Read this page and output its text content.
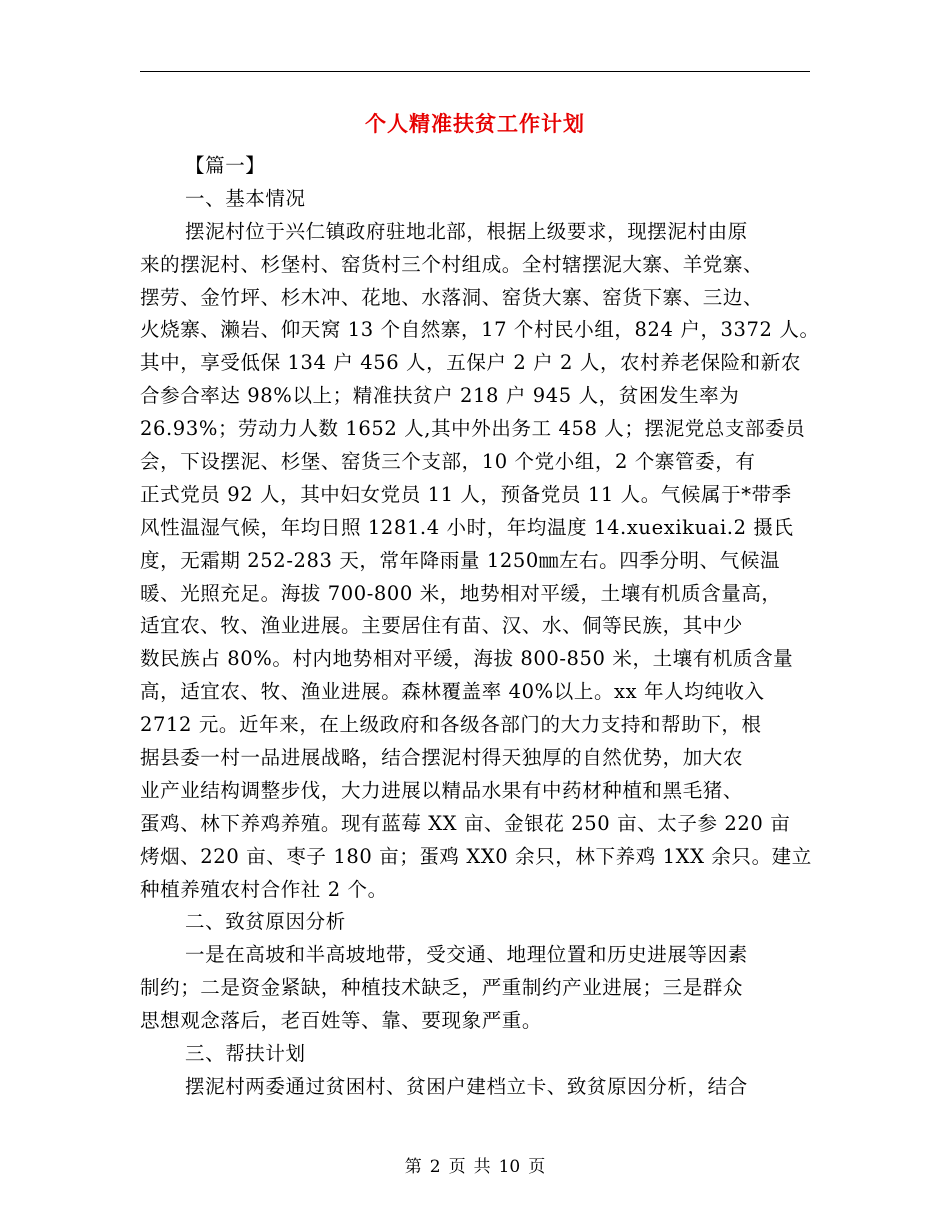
个人精准扶贫工作计划
【篇一】
一、基本情况
摆泥村位于兴仁镇政府驻地北部，根据上级要求，现摆泥村由原
来的摆泥村、杉堡村、窑货村三个村组成。全村辖摆泥大寨、羊党寨、
摆劳、金竹坪、杉木冲、花地、水落洞、窑货大寨、窑货下寨、三边、
火烧寨、濑岩、仰天窝 13 个自然寨，17 个村民小组，824 户，3372 人。
其中，享受低保 134 户 456 人，五保户 2 户 2 人，农村养老保险和新农
合参合率达 98%以上；精准扶贫户 218 户 945 人，贫困发生率为
26.93%；劳动力人数 1652 人,其中外出务工 458 人；摆泥党总支部委员
会，下设摆泥、杉堡、窑货三个支部，10 个党小组，2 个寨管委，有
正式党员 92 人，其中妇女党员 11 人，预备党员 11 人。气候属于*带季
风性温湿气候，年均日照 1281.4 小时，年均温度 14.xuexikuai.2 摄氏
度，无霜期 252-283 天，常年降雨量 1250㎜左右。四季分明、气候温
暖、光照充足。海拔 700-800 米，地势相对平缓，土壤有机质含量高，
适宜农、牧、渔业进展。主要居住有苗、汉、水、侗等民族，其中少
数民族占 80%。村内地势相对平缓，海拔 800-850 米，土壤有机质含量
高，适宜农、牧、渔业进展。森林覆盖率 40%以上。xx 年人均纯收入
2712 元。近年来，在上级政府和各级各部门的大力支持和帮助下，根
据县委一村一品进展战略，结合摆泥村得天独厚的自然优势，加大农
业产业结构调整步伐，大力进展以精品水果有中药材种植和黑毛猪、
蛋鸡、林下养鸡养殖。现有蓝莓 XX 亩、金银花 250 亩、太子参 220 亩
烤烟、220 亩、枣子 180 亩；蛋鸡 XX0 余只，林下养鸡 1XX 余只。建立
种植养殖农村合作社 2 个。
二、致贫原因分析
一是在高坡和半高坡地带，受交通、地理位置和历史进展等因素
制约；二是资金紧缺，种植技术缺乏，严重制约产业进展；三是群众
思想观念落后，老百姓等、靠、要现象严重。
三、帮扶计划
摆泥村两委通过贫困村、贫困户建档立卡、致贫原因分析，结合
第 2 页 共 10 页
